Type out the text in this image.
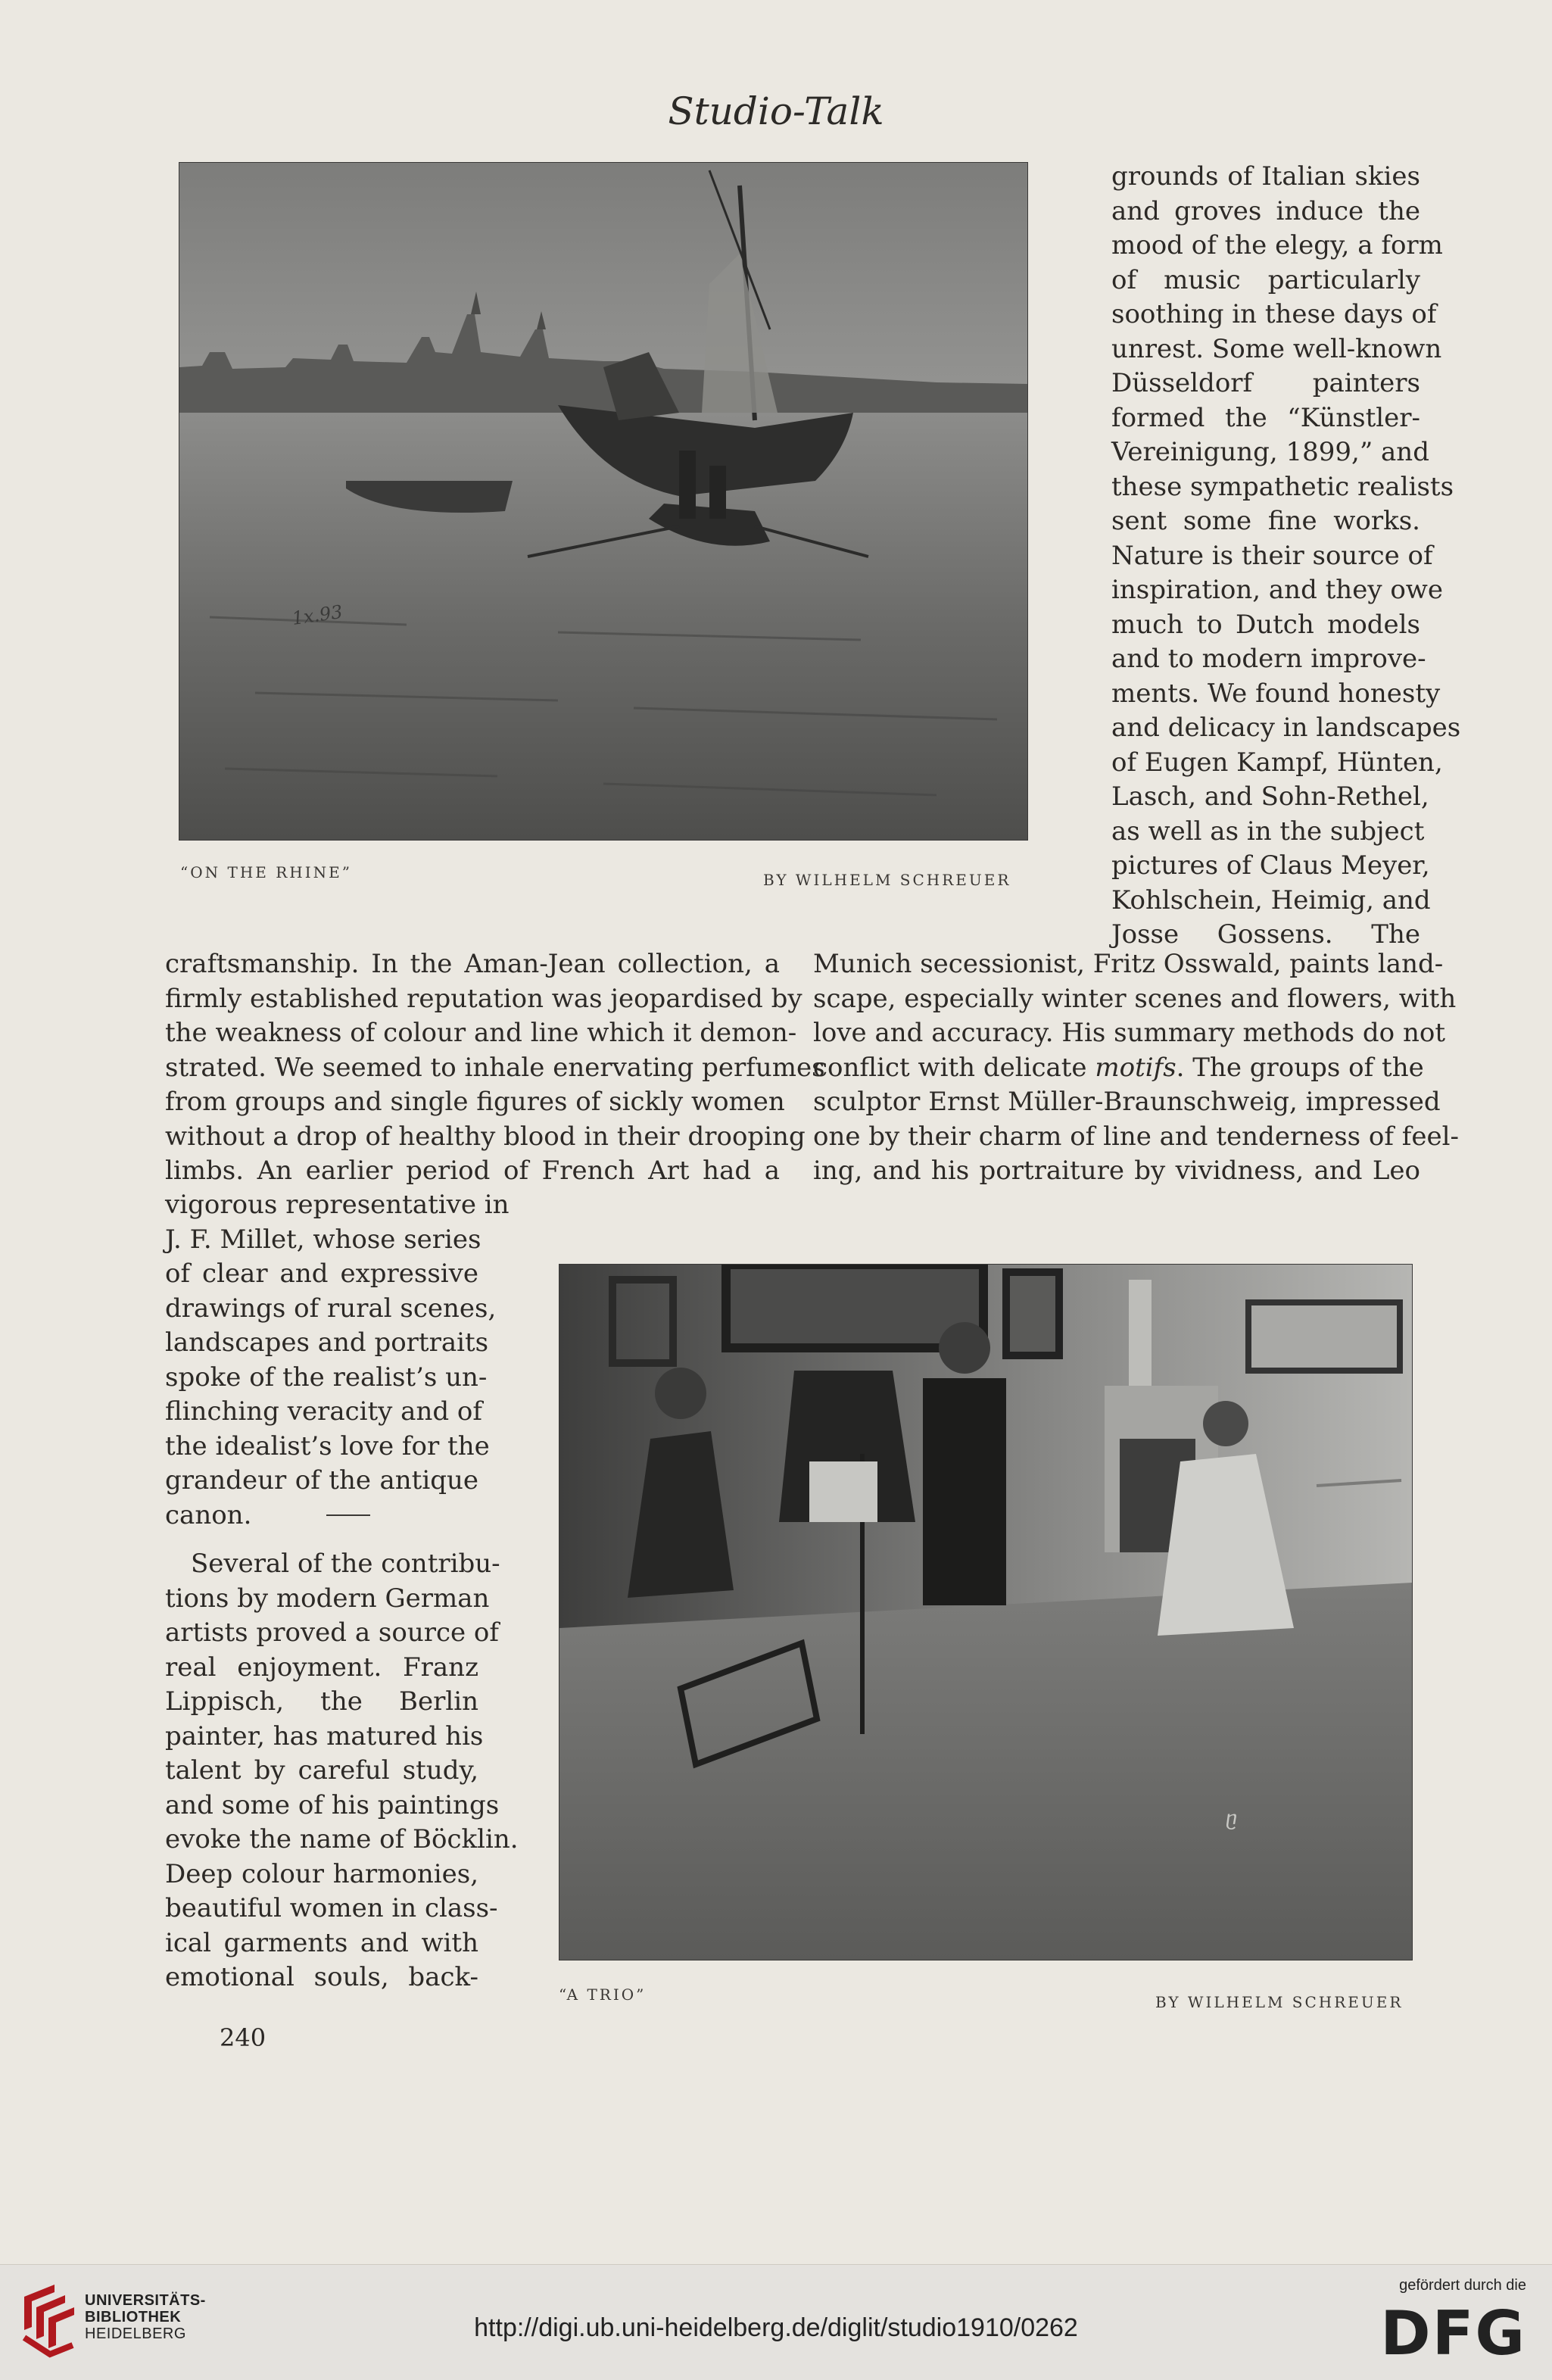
Studio-Talk
1x.93
“ON THE RHINE”	BY WILHELM SCHREUER
grounds of Italian skies
and groves induce the
mood of the elegy, a form
of music particularly
soothing in these days of
unrest. Some well-known
Düsseldorf painters
formed the “Künstler-
Vereinigung, 1899,” and
these sympathetic realists
sent some fine works.
Nature is their source of
inspiration, and they owe
much to Dutch models
and to modern improve-
ments. We found honesty
and delicacy in landscapes
of Eugen Kampf, Hünten,
Lasch, and Sohn-Rethel,
as well as in the subject
pictures of Claus Meyer,
Kohlschein, Heimig, and
Josse Gossens. The
craftsmanship. In the Aman-Jean collection, a
firmly established reputation was jeopardised by
the weakness of colour and line which it demon-
strated. We seemed to inhale enervating perfumes
from groups and single figures of sickly women
without a drop of healthy blood in their drooping
limbs. An earlier period of French Art had a
Munich secessionist, Fritz Osswald, paints land-
scape, especially winter scenes and flowers, with
love and accuracy. His summary methods do not
conflict with delicate motifs. The groups of the
sculptor Ernst Müller-Braunschweig, impressed
one by their charm of line and tenderness of feel-
ing, and his portraiture by vividness, and Leo
vigorous representative in
J. F. Millet, whose series
of clear and expressive
drawings of rural scenes,
landscapes and portraits
spoke of the realist’s un-
flinching veracity and of
the idealist’s love for the
grandeur of the antique
canon.
Several of the contribu-
tions by modern German
artists proved a source of
real enjoyment. Franz
Lippisch, the Berlin
painter, has matured his
talent by careful study,
and some of his paintings
evoke the name of Böcklin.
Deep colour harmonies,
beautiful women in class-
ical garments and with
emotional souls, back-
ⴚ
“A TRIO”	BY WILHELM SCHREUER
240
UNIVERSITÄTS-
BIBLIOTHEK
HEIDELBERG	http://digi.ub.uni-heidelberg.de/diglit/studio1910/0262
gefördert durch die
DFG
